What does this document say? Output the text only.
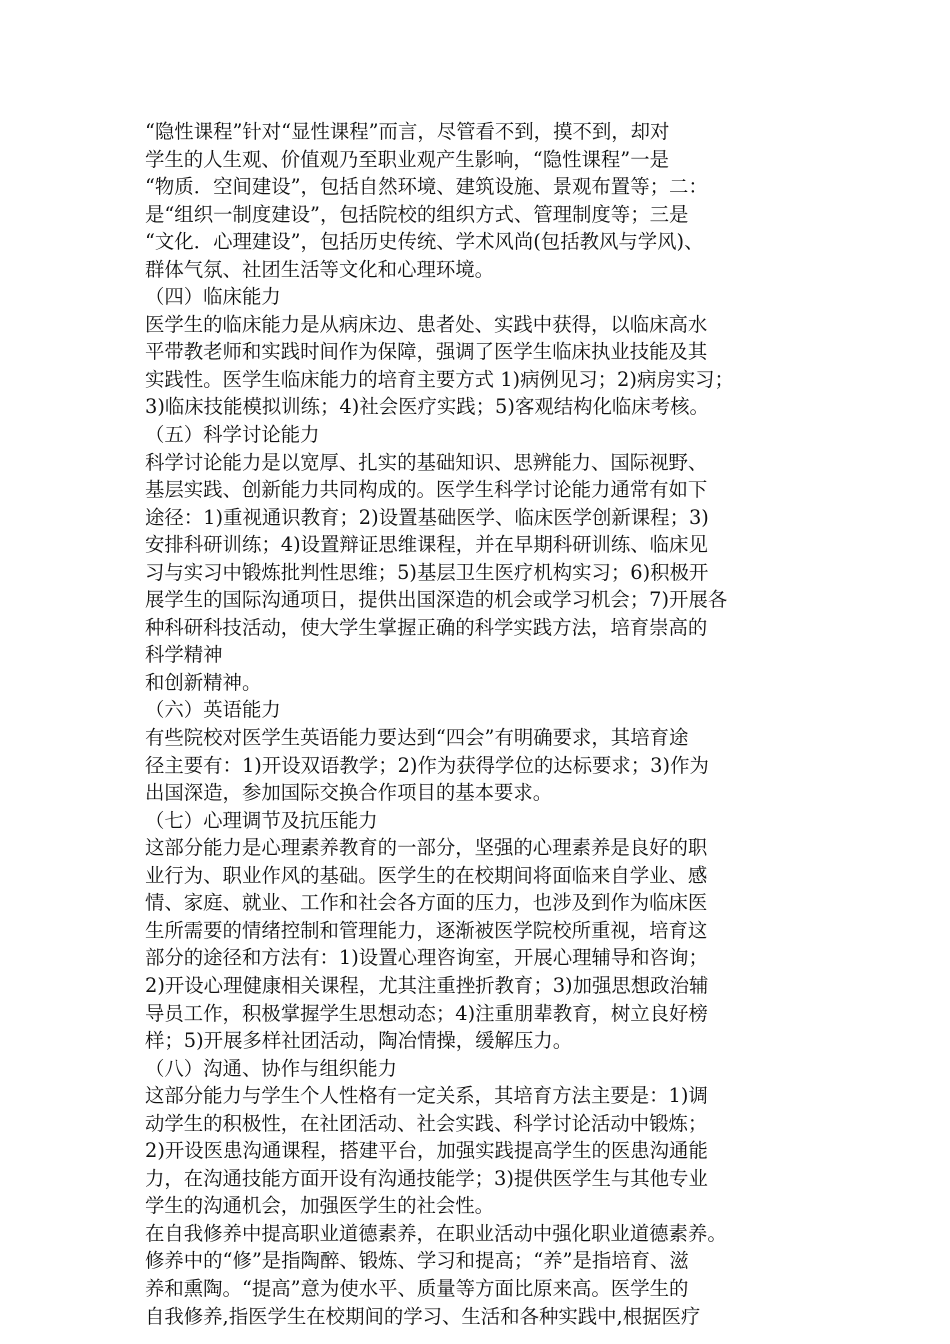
“隐性课程”针对“显性课程”而言，尽管看不到，摸不到，却对
学生的人生观、价值观乃至职业观产生影响，“隐性课程”一是
“物质．空间建设”，包括自然环境、建筑设施、景观布置等；二：
是“组织一制度建设”，包括院校的组织方式、管理制度等；三是
“文化．心理建设”，包括历史传统、学术风尚(包括教风与学风)、
群体气氛、社团生活等文化和心理环境。
（四）临床能力
医学生的临床能力是从病床边、患者处、实践中获得，以临床高水
平带教老师和实践时间作为保障，强调了医学生临床执业技能及其
实践性。医学生临床能力的培育主要方式 1)病例见习；2)病房实习；
3)临床技能模拟训练；4)社会医疗实践；5)客观结构化临床考核。
（五）科学讨论能力
科学讨论能力是以宽厚、扎实的基础知识、思辨能力、国际视野、
基层实践、创新能力共同构成的。医学生科学讨论能力通常有如下
途径：1)重视通识教育；2)设置基础医学、临床医学创新课程；3)
安排科研训练；4)设置辩证思维课程，并在早期科研训练、临床见
习与实习中锻炼批判性思维；5)基层卫生医疗机构实习；6)积极开
展学生的国际沟通项日，提供出国深造的机会或学习机会；7)开展各
种科研科技活动，使大学生掌握正确的科学实践方法，培育崇高的
科学精神
和创新精神。
（六）英语能力
有些院校对医学生英语能力要达到“四会”有明确要求，其培育途
径主要有：1)开设双语教学；2)作为获得学位的达标要求；3)作为
出国深造，参加国际交换合作项目的基本要求。
（七）心理调节及抗压能力
这部分能力是心理素养教育的一部分，坚强的心理素养是良好的职
业行为、职业作风的基础。医学生的在校期间将面临来自学业、感
情、家庭、就业、工作和社会各方面的压力，也涉及到作为临床医
生所需要的情绪控制和管理能力，逐渐被医学院校所重视，培育这
部分的途径和方法有：1)设置心理咨询室，开展心理辅导和咨询；
2)开设心理健康相关课程，尤其注重挫折教育；3)加强思想政治辅
导员工作，积极掌握学生思想动态；4)注重朋辈教育，树立良好榜
样；5)开展多样社团活动，陶冶情操，缓解压力。
（八）沟通、协作与组织能力
这部分能力与学生个人性格有一定关系，其培育方法主要是：1)调
动学生的积极性，在社团活动、社会实践、科学讨论活动中锻炼；
2)开设医患沟通课程，搭建平台，加强实践提高学生的医患沟通能
力，在沟通技能方面开设有沟通技能学；3)提供医学生与其他专业
学生的沟通机会，加强医学生的社会性。
在自我修养中提高职业道德素养，在职业活动中强化职业道德素养。
修养中的“修”是指陶醉、锻炼、学习和提高；“养”是指培育、滋
养和熏陶。“提高”意为使水平、质量等方面比原来高。医学生的
自我修养,指医学生在校期间的学习、生活和各种实践中,根据医疗
